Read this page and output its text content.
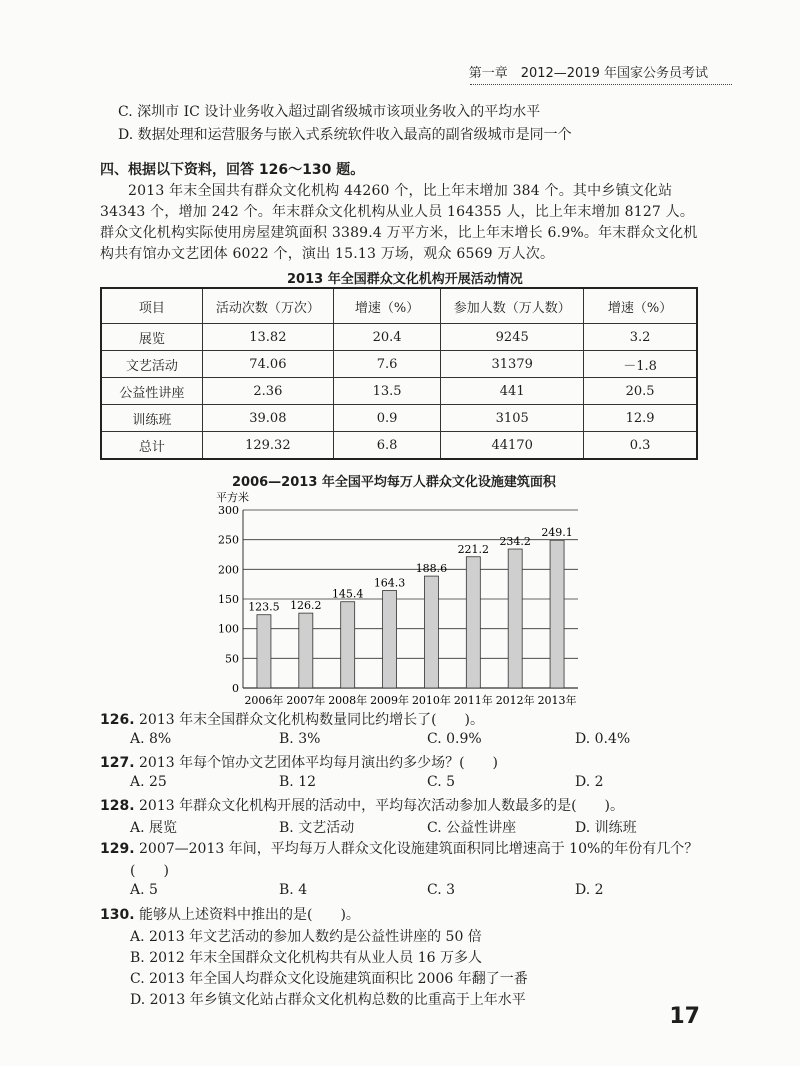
第一章　2012—2019 年国家公务员考试
C. 深圳市 IC 设计业务收入超过副省级城市该项业务收入的平均水平
D. 数据处理和运营服务与嵌入式系统软件收入最高的副省级城市是同一个
四、根据以下资料，回答 126～130 题。
2013 年末全国共有群众文化机构 44260 个，比上年末增加 384 个。其中乡镇文化站 34343 个，增加 242 个。年末群众文化机构从业人员 164355 人，比上年末增加 8127 人。群众文化机构实际使用房屋建筑面积 3389.4 万平方米，比上年末增长 6.9%。年末群众文化机构共有馆办文艺团体 6022 个，演出 15.13 万场，观众 6569 万人次。
2013 年全国群众文化机构开展活动情况
项目	活动次数（万次）	增速（%）	参加人数（万人数）	增速（%）
展览	13.82	20.4	9245	3.2
文艺活动	74.06	7.6	31379	－1.8
公益性讲座	2.36	13.5	441	20.5
训练班	39.08	0.9	3105	12.9
总计	129.32	6.8	44170	0.3
2006—2013 年全国平均每万人群众文化设施建筑面积
平方米
0
50
100
150
200
250
300
123.5 126.2
145.4
164.3
188.6
221.2
234.2
249.1
2006年 2007年 2008年 2009年 2010年 2011年 2012年 2013年
126. 2013 年末全国群众文化机构数量同比约增长了(　　)。
A. 8%	B. 3%	C. 0.9%	D. 0.4%
127. 2013 年每个馆办文艺团体平均每月演出约多少场？(　　)
A. 25	B. 12	C. 5	D. 2
128. 2013 年群众文化机构开展的活动中，平均每次活动参加人数最多的是(　　)。
A. 展览	B. 文艺活动	C. 公益性讲座	D. 训练班
129. 2007—2013 年间，平均每万人群众文化设施建筑面积同比增速高于 10%的年份有几个？
(　　)
A. 5	B. 4	C. 3	D. 2
130. 能够从上述资料中推出的是(　　)。
A. 2013 年文艺活动的参加人数约是公益性讲座的 50 倍
B. 2012 年末全国群众文化机构共有从业人员 16 万多人
C. 2013 年全国人均群众文化设施建筑面积比 2006 年翻了一番
D. 2013 年乡镇文化站占群众文化机构总数的比重高于上年水平
17
